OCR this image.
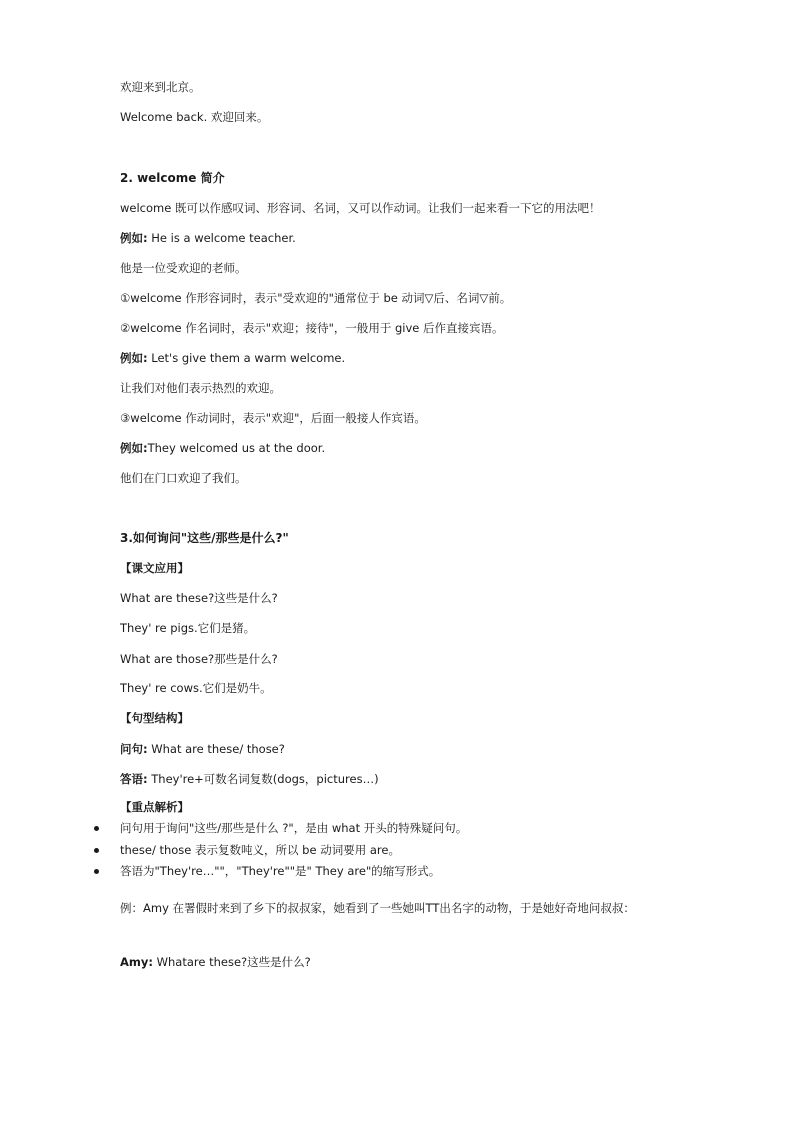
欢迎来到北京。
Welcome back. 欢迎回来。
2. welcome 简介
welcome 既可以作感叹词、形容词、名词，又可以作动词。让我们一起来看一下它的用法吧！
例如: He is a welcome teacher.
他是一位受欢迎的老师。
①welcome 作形容词时，表示"受欢迎的"通常位于 be 动词▽后、名词▽前。
②welcome 作名词时，表示"欢迎；接待"，一般用于 give 后作直接宾语。
例如: Let's give them a warm welcome.
让我们对他们表示热烈的欢迎。
③welcome 作动词时，表示"欢迎"，后面一般接人作宾语。
例如:They welcomed us at the door.
他们在门口欢迎了我们。
3.如何询问"这些/那些是什么?"
【课文应用】
What are these?这些是什么?
They' re pigs.它们是猪。
What are those?那些是什么?
They' re cows.它们是奶牛。
【句型结构】
问句: What are these/ those?
答语: They're+可数名词复数(dogs，pictures…)
【重点解析】
问句用于询问"这些/那些是什么 ?"，是由 what 开头的特殊疑问句。
these/ those 表示复数吨义，所以 be 动词要用 are。
答语为"They're…""，"They're""是" They are"的缩写形式。
例：Amy 在署假时来到了乡下的叔叔家，她看到了一些她叫TT出名字的动物，于是她好奇地问叔叔：
Amy: Whatare these?这些是什么?
